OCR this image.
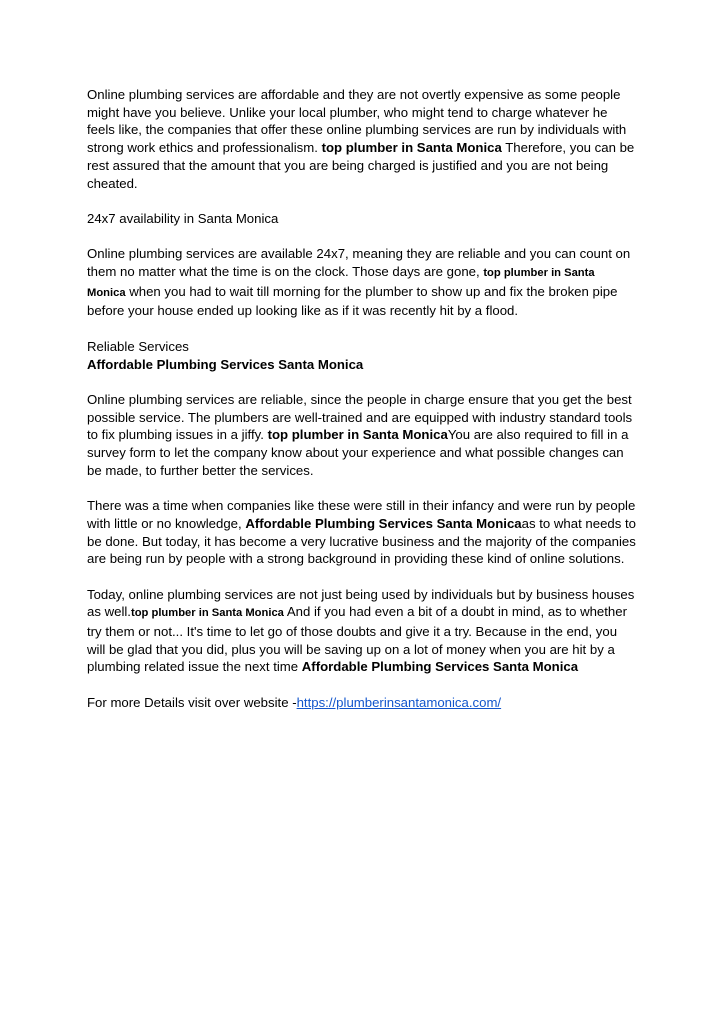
Online plumbing services are affordable and they are not overtly expensive as some people might have you believe. Unlike your local plumber, who might tend to charge whatever he feels like, the companies that offer these online plumbing services are run by individuals with strong work ethics and professionalism. top plumber in Santa Monica Therefore, you can be rest assured that the amount that you are being charged is justified and you are not being cheated.

24x7 availability in Santa Monica

Online plumbing services are available 24x7, meaning they are reliable and you can count on them no matter what the time is on the clock. Those days are gone, top plumber in Santa Monica when you had to wait till morning for the plumber to show up and fix the broken pipe before your house ended up looking like as if it was recently hit by a flood.

Reliable Services

Affordable Plumbing Services Santa Monica

Online plumbing services are reliable, since the people in charge ensure that you get the best possible service. The plumbers are well-trained and are equipped with industry standard tools to fix plumbing issues in a jiffy. top plumber in Santa MonicaYou are also required to fill in a survey form to let the company know about your experience and what possible changes can be made, to further better the services.

There was a time when companies like these were still in their infancy and were run by people with little or no knowledge, Affordable Plumbing Services Santa Monicaas to what needs to be done. But today, it has become a very lucrative business and the majority of the companies are being run by people with a strong background in providing these kind of online solutions.

Today, online plumbing services are not just being used by individuals but by business houses as well.top plumber in Santa Monica And if you had even a bit of a doubt in mind, as to whether try them or not... It's time to let go of those doubts and give it a try. Because in the end, you will be glad that you did, plus you will be saving up on a lot of money when you are hit by a plumbing related issue the next time Affordable Plumbing Services Santa Monica

For more Details visit over website -https://plumberinsantamonica.com/
